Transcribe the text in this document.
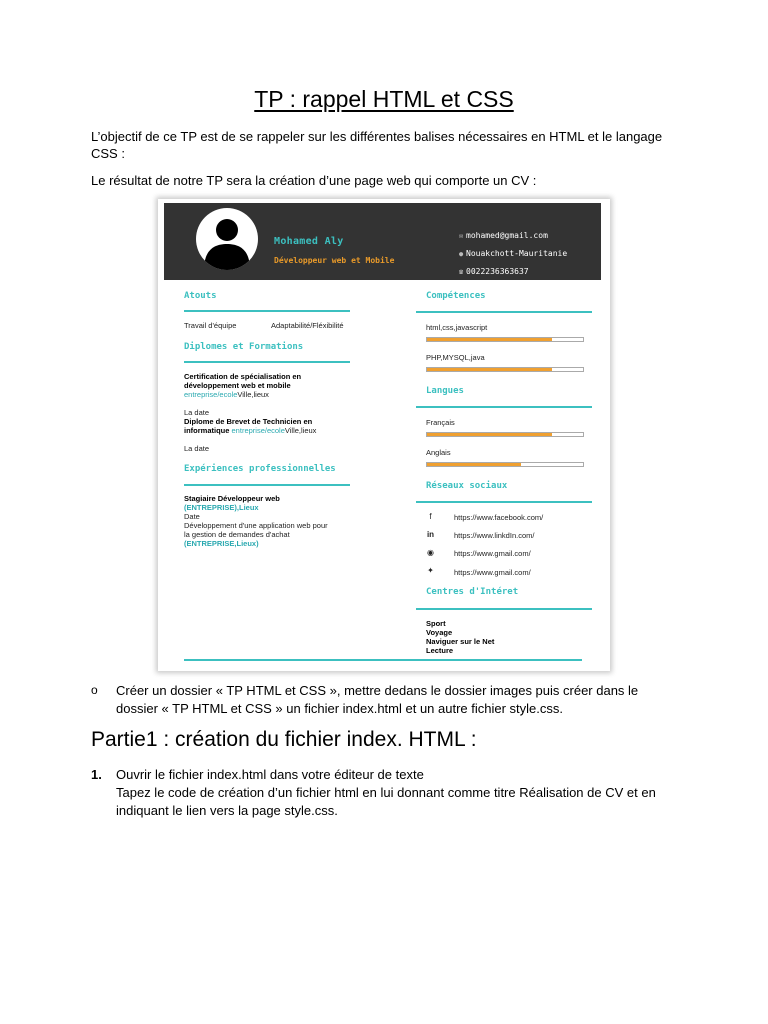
TP : rappel HTML et CSS
L’objectif de ce TP est de se rappeler sur les différentes balises nécessaires en HTML et le langage CSS :
Le résultat de notre TP sera la création d’une page web qui comporte un CV :
Mohamed Aly
Développeur web et Mobile
✉ mohamed@gmail.com
● Nouakchott-Mauritanie
☎ 0022236363637
Atouts
Travail d'équipe	Adaptabilité/Fléxibilité
Diplomes et Formations
Certification de spécialisation en
développement web et mobile
entreprise/ecoleVille,lieux

La date
Diplome de Brevet de Technicien en
informatique entreprise/ecoleVille,lieux

La date
Expériences professionnelles
Stagiaire Développeur web
(ENTREPRISE),Lieux
Date
Développement d'une application web pour
la gestion de demandes d'achat
(ENTREPRISE,Lieux)
Compétences
html,css,javascript
PHP,MYSQL,java
Langues
Français
Anglais
Réseaux sociaux
f	https://www.facebook.com/
in	https://www.linkdIn.com/
◉	https://www.gmail.com/
✦	https://www.gmail.com/
Centres d'Intéret
Sport
Voyage
Naviguer sur le Net
Lecture
o Créer un dossier « TP HTML et CSS », mettre dedans le dossier images puis créer dans le dossier « TP HTML et CSS » un fichier index.html et un autre fichier style.css.
Partie1 : création du fichier index. HTML :
1. Ouvrir le fichier index.html dans votre éditeur de texte
Tapez le code de création d’un fichier html en lui donnant comme titre Réalisation de CV et en indiquant le lien vers la page style.css.
